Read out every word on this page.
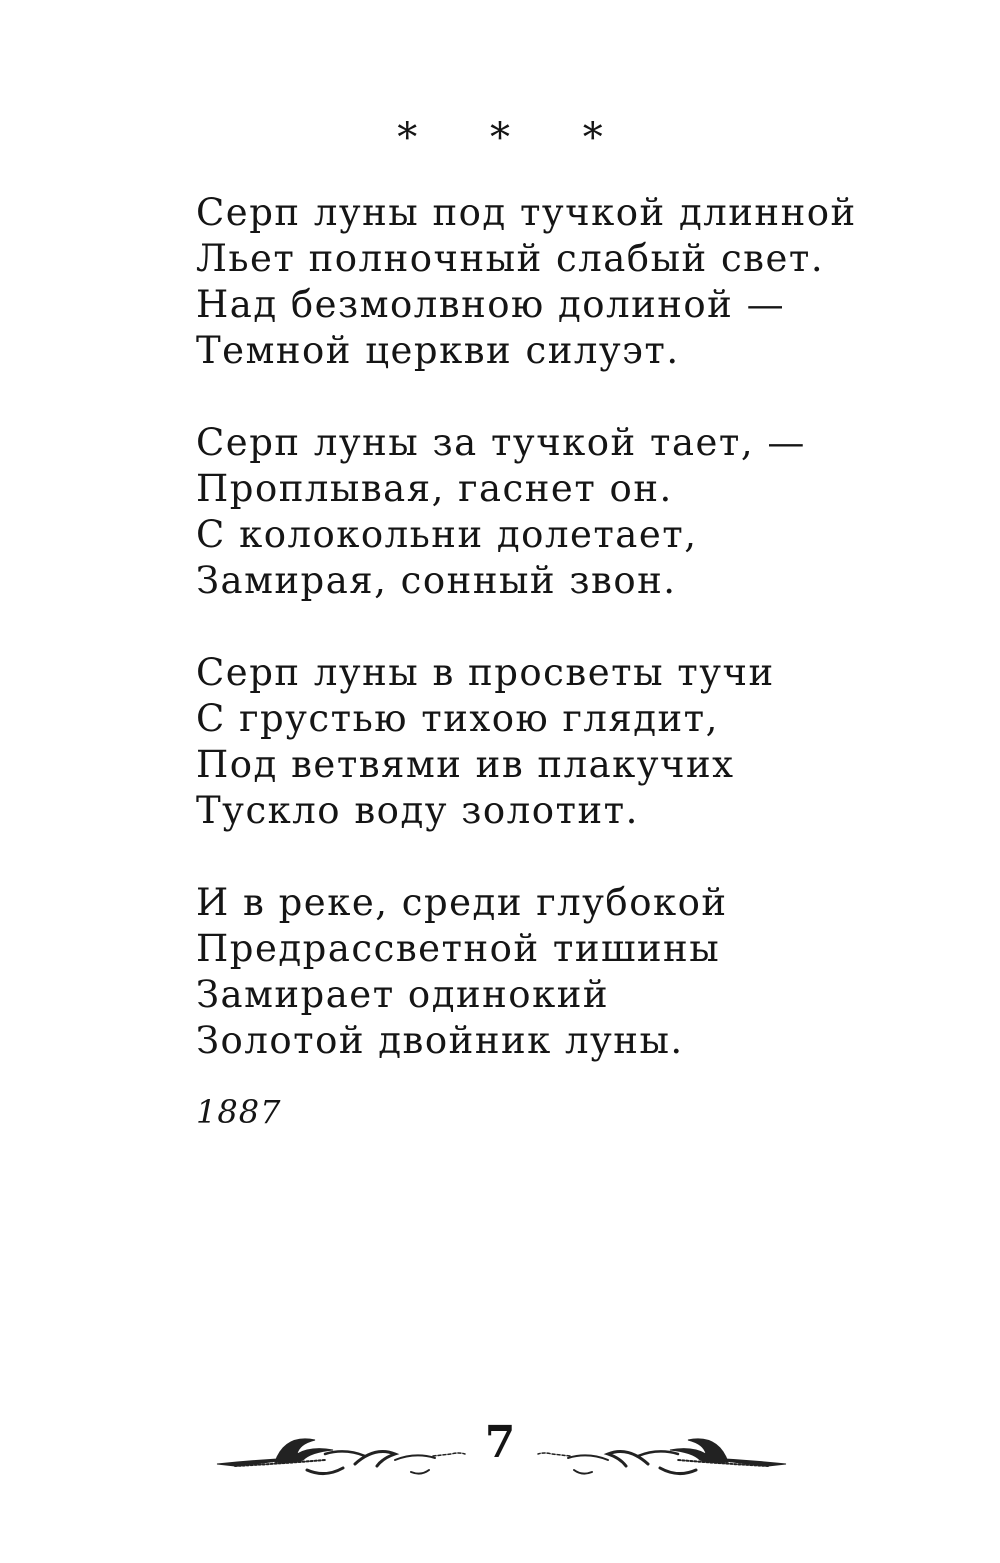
* * *
Серп луны под тучкой длинной
Льет полночный слабый свет.
Над безмолвною долиной —
Темной церкви силуэт.
Серп луны за тучкой тает, —
Проплывая, гаснет он.
С колокольни долетает,
Замирая, сонный звон.
Серп луны в просветы тучи
С грустью тихою глядит,
Под ветвями ив плакучих
Тускло воду золотит.
И в реке, среди глубокой
Предрассветной тишины
Замирает одинокий
Золотой двойник луны.
1887
7
